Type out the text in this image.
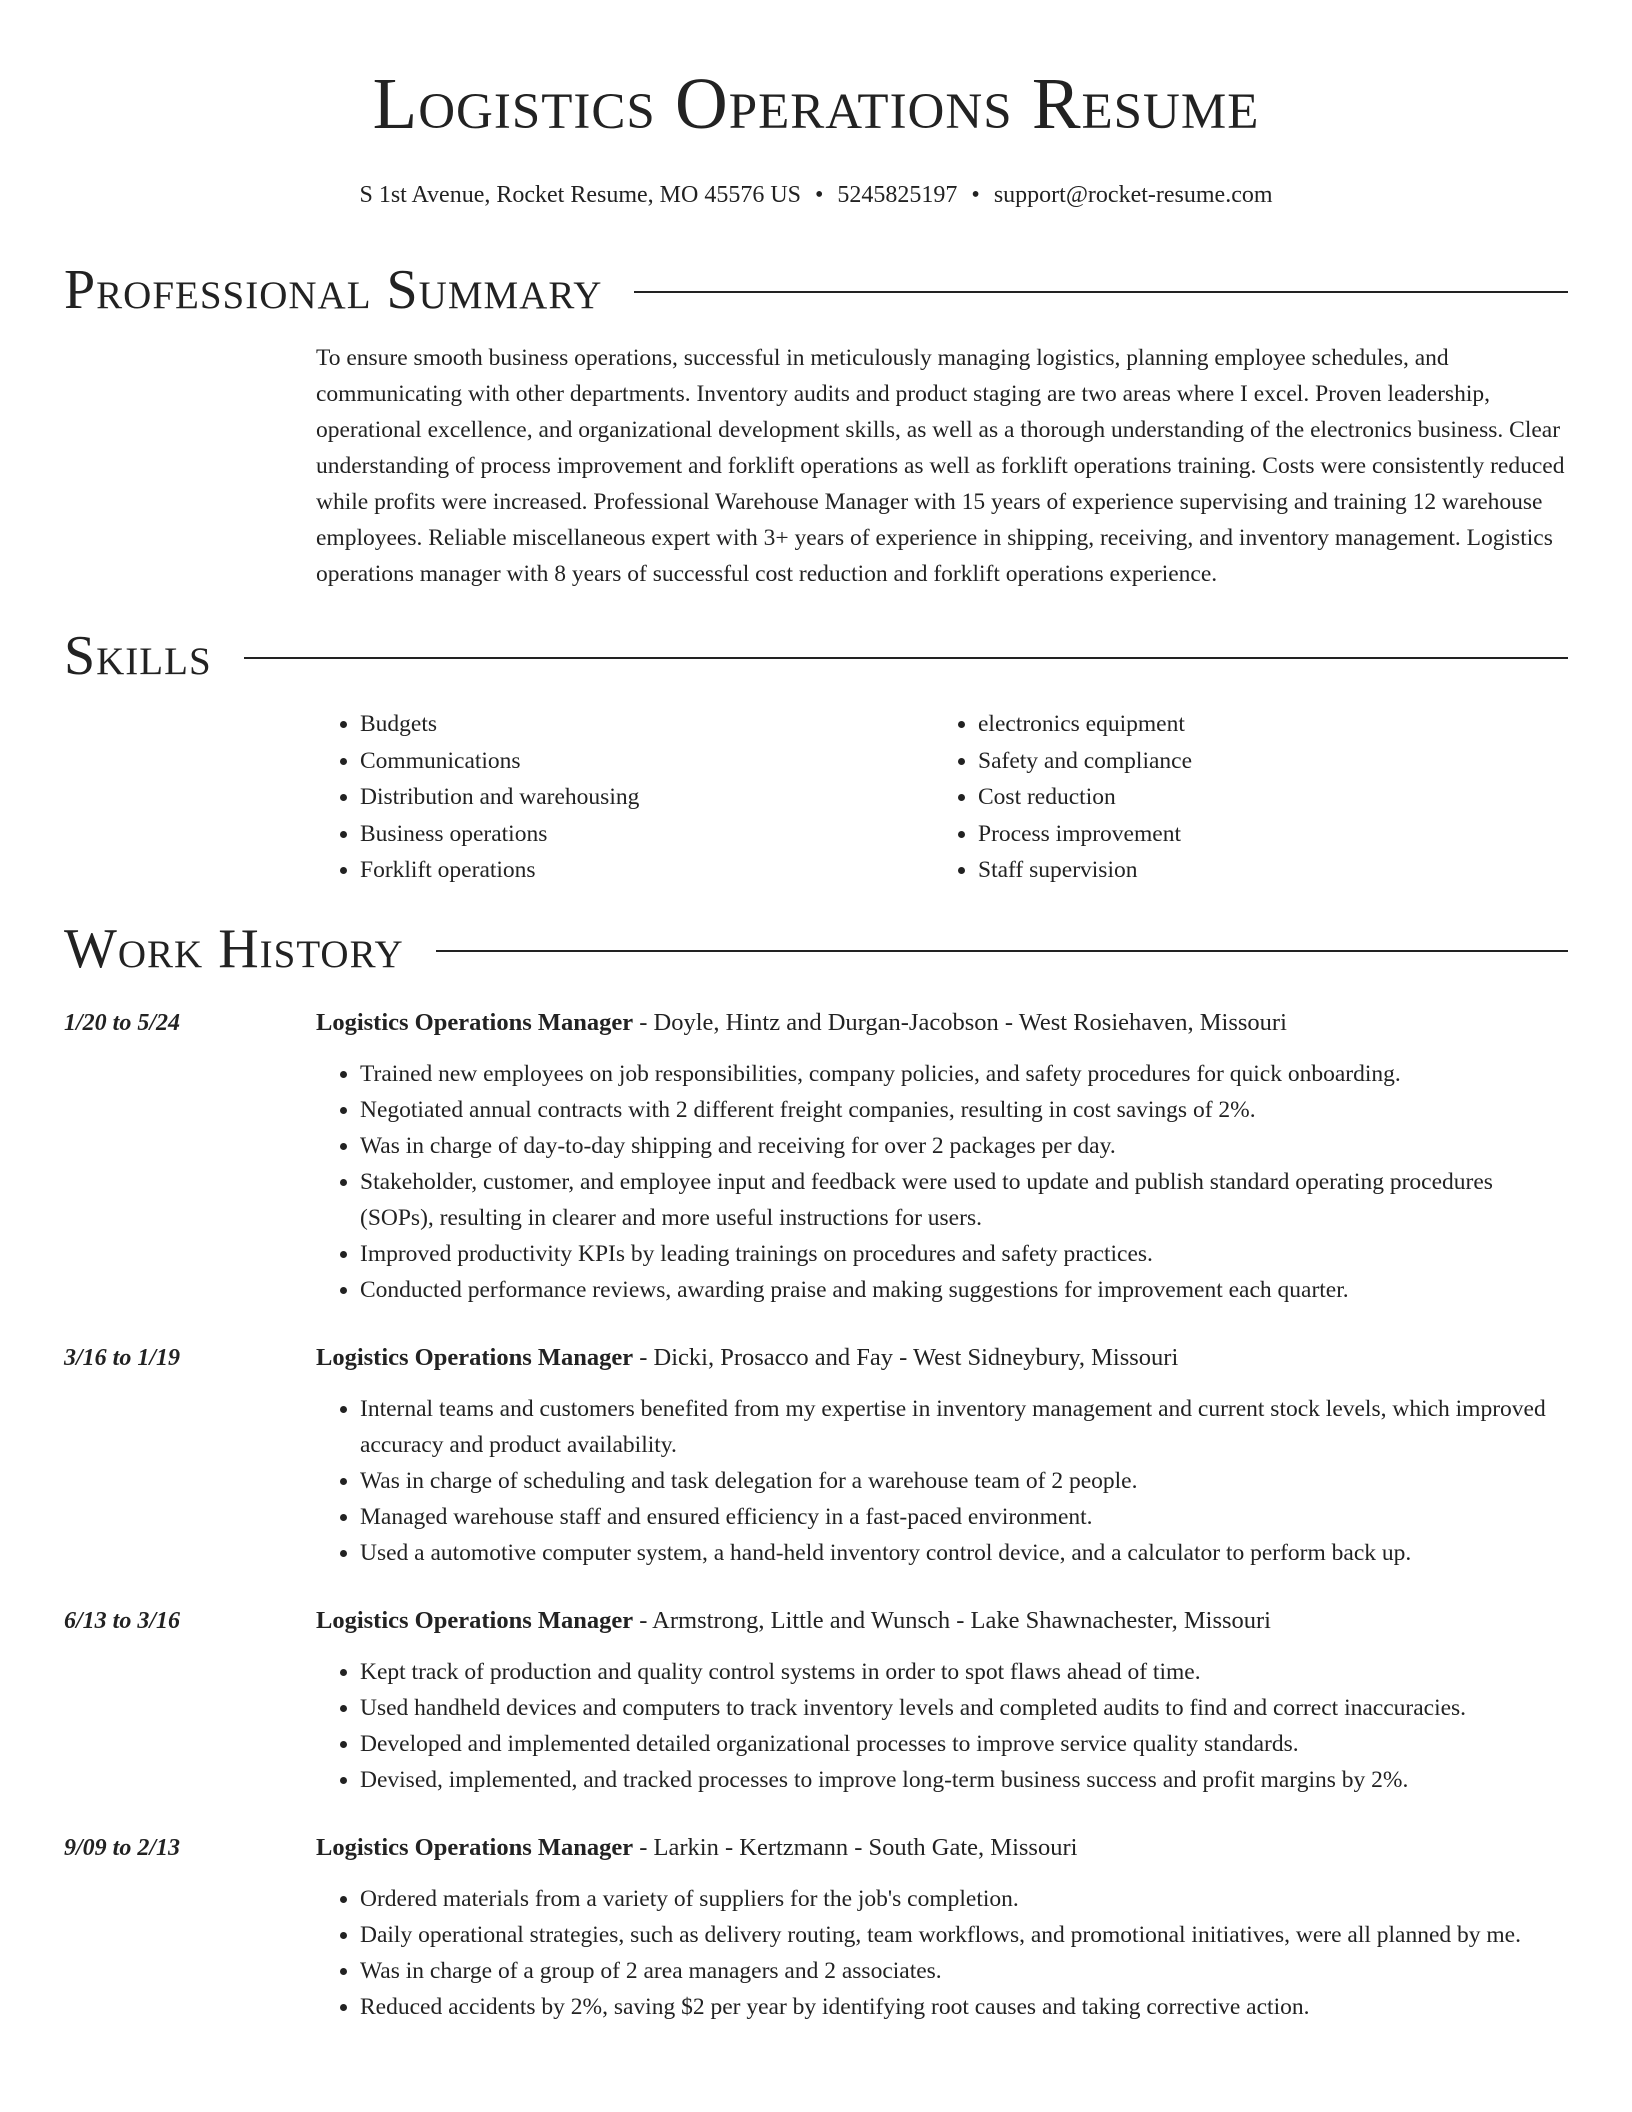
Logistics Operations Resume
S 1st Avenue, Rocket Resume, MO 45576 US • 5245825197 • support@rocket-resume.com
Professional Summary
To ensure smooth business operations, successful in meticulously managing logistics, planning employee schedules, and communicating with other departments. Inventory audits and product staging are two areas where I excel. Proven leadership, operational excellence, and organizational development skills, as well as a thorough understanding of the electronics business. Clear understanding of process improvement and forklift operations as well as forklift operations training. Costs were consistently reduced while profits were increased. Professional Warehouse Manager with 15 years of experience supervising and training 12 warehouse employees. Reliable miscellaneous expert with 3+ years of experience in shipping, receiving, and inventory management. Logistics operations manager with 8 years of successful cost reduction and forklift operations experience.
Skills
• Budgets
• Communications
• Distribution and warehousing
• Business operations
• Forklift operations
• electronics equipment
• Safety and compliance
• Cost reduction
• Process improvement
• Staff supervision
Work History
1/20 to 5/24	Logistics Operations Manager - Doyle, Hintz and Durgan-Jacobson - West Rosiehaven, Missouri
• Trained new employees on job responsibilities, company policies, and safety procedures for quick onboarding.
• Negotiated annual contracts with 2 different freight companies, resulting in cost savings of 2%.
• Was in charge of day-to-day shipping and receiving for over 2 packages per day.
• Stakeholder, customer, and employee input and feedback were used to update and publish standard operating procedures (SOPs), resulting in clearer and more useful instructions for users.
• Improved productivity KPIs by leading trainings on procedures and safety practices.
• Conducted performance reviews, awarding praise and making suggestions for improvement each quarter.
3/16 to 1/19	Logistics Operations Manager - Dicki, Prosacco and Fay - West Sidneybury, Missouri
• Internal teams and customers benefited from my expertise in inventory management and current stock levels, which improved accuracy and product availability.
• Was in charge of scheduling and task delegation for a warehouse team of 2 people.
• Managed warehouse staff and ensured efficiency in a fast-paced environment.
• Used a automotive computer system, a hand-held inventory control device, and a calculator to perform back up.
6/13 to 3/16	Logistics Operations Manager - Armstrong, Little and Wunsch - Lake Shawnachester, Missouri
• Kept track of production and quality control systems in order to spot flaws ahead of time.
• Used handheld devices and computers to track inventory levels and completed audits to find and correct inaccuracies.
• Developed and implemented detailed organizational processes to improve service quality standards.
• Devised, implemented, and tracked processes to improve long-term business success and profit margins by 2%.
9/09 to 2/13	Logistics Operations Manager - Larkin - Kertzmann - South Gate, Missouri
• Ordered materials from a variety of suppliers for the job's completion.
• Daily operational strategies, such as delivery routing, team workflows, and promotional initiatives, were all planned by me.
• Was in charge of a group of 2 area managers and 2 associates.
• Reduced accidents by 2%, saving $2 per year by identifying root causes and taking corrective action.
